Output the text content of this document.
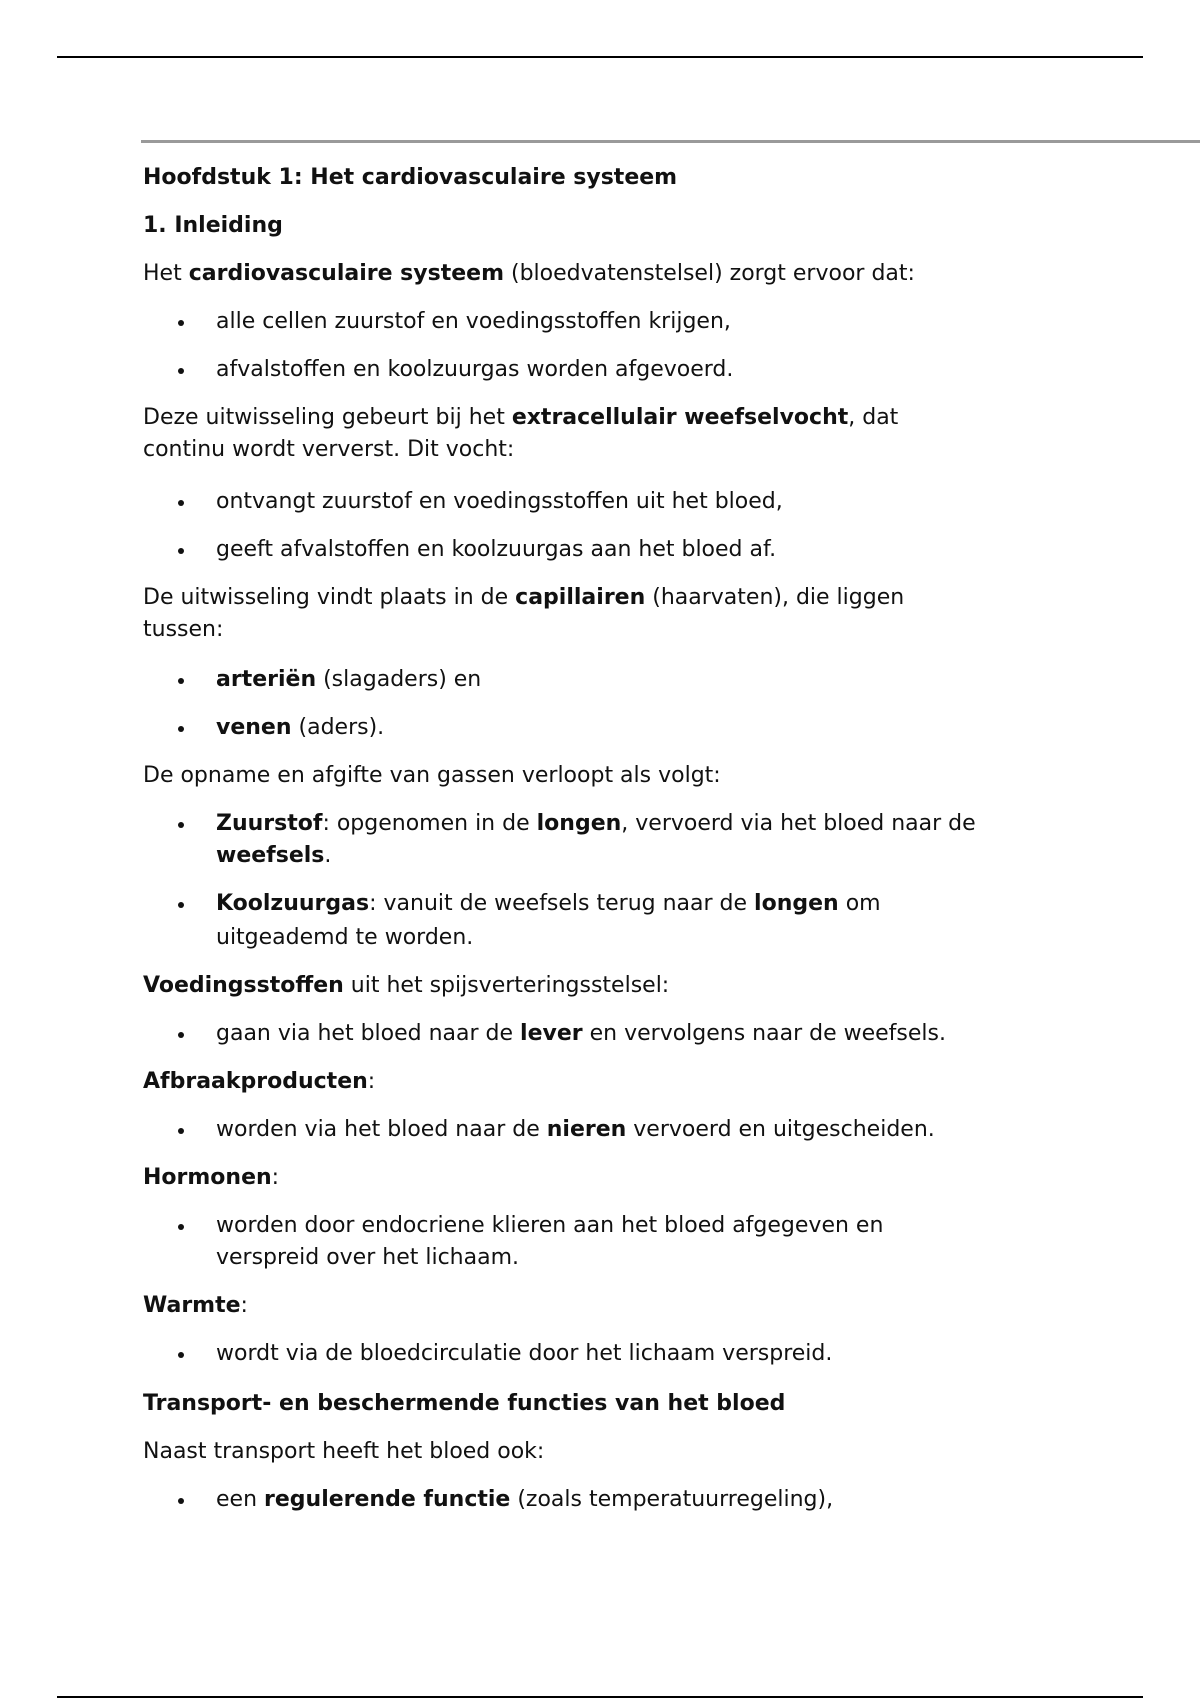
Hoofdstuk 1: Het cardiovasculaire systeem
1. Inleiding
Het cardiovasculaire systeem (bloedvatenstelsel) zorgt ervoor dat:
alle cellen zuurstof en voedingsstoffen krijgen,
afvalstoffen en koolzuurgas worden afgevoerd.
Deze uitwisseling gebeurt bij het extracellulair weefselvocht, dat
continu wordt ververst. Dit vocht:
ontvangt zuurstof en voedingsstoffen uit het bloed,
geeft afvalstoffen en koolzuurgas aan het bloed af.
De uitwisseling vindt plaats in de capillairen (haarvaten), die liggen
tussen:
arteriën (slagaders) en
venen (aders).
De opname en afgifte van gassen verloopt als volgt:
Zuurstof: opgenomen in de longen, vervoerd via het bloed naar de
weefsels.
Koolzuurgas: vanuit de weefsels terug naar de longen om
uitgeademd te worden.
Voedingsstoffen uit het spijsverteringsstelsel:
gaan via het bloed naar de lever en vervolgens naar de weefsels.
Afbraakproducten:
worden via het bloed naar de nieren vervoerd en uitgescheiden.
Hormonen:
worden door endocriene klieren aan het bloed afgegeven en
verspreid over het lichaam.
Warmte:
wordt via de bloedcirculatie door het lichaam verspreid.
Transport- en beschermende functies van het bloed
Naast transport heeft het bloed ook:
een regulerende functie (zoals temperatuurregeling),
